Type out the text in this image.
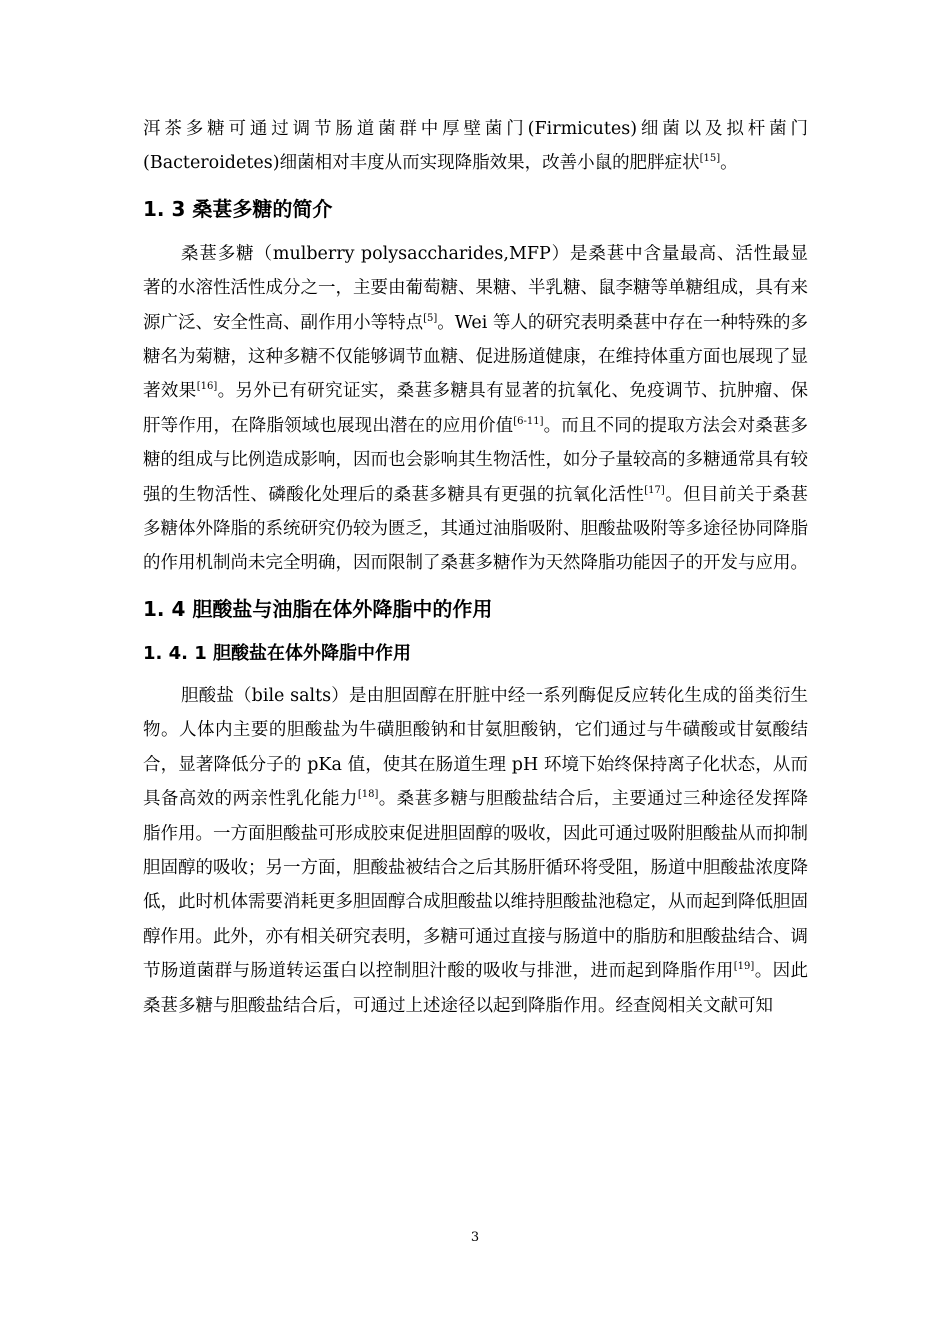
洱茶多糖可通过调节肠道菌群中厚壁菌门(Firmicutes)细菌以及拟杆菌门(Bacteroidetes)细菌相对丰度从而实现降脂效果，改善小鼠的肥胖症状[15]。

1. 3 桑葚多糖的简介

桑葚多糖（mulberry polysaccharides,MFP）是桑葚中含量最高、活性最显著的水溶性活性成分之一，主要由葡萄糖、果糖、半乳糖、鼠李糖等单糖组成，具有来源广泛、安全性高、副作用小等特点[5]。Wei 等人的研究表明桑葚中存在一种特殊的多糖名为菊糖，这种多糖不仅能够调节血糖、促进肠道健康，在维持体重方面也展现了显著效果[16]。另外已有研究证实，桑葚多糖具有显著的抗氧化、免疫调节、抗肿瘤、保肝等作用，在降脂领域也展现出潜在的应用价值[6-11]。而且不同的提取方法会对桑葚多糖的组成与比例造成影响，因而也会影响其生物活性，如分子量较高的多糖通常具有较强的生物活性、磷酸化处理后的桑葚多糖具有更强的抗氧化活性[17]。但目前关于桑葚多糖体外降脂的系统研究仍较为匮乏，其通过油脂吸附、胆酸盐吸附等多途径协同降脂的作用机制尚未完全明确，因而限制了桑葚多糖作为天然降脂功能因子的开发与应用。

1. 4 胆酸盐与油脂在体外降脂中的作用
1. 4. 1 胆酸盐在体外降脂中作用

胆酸盐（bile salts）是由胆固醇在肝脏中经一系列酶促反应转化生成的甾类衍生物。人体内主要的胆酸盐为牛磺胆酸钠和甘氨胆酸钠，它们通过与牛磺酸或甘氨酸结合，显著降低分子的 pKa 值，使其在肠道生理 pH 环境下始终保持离子化状态，从而具备高效的两亲性乳化能力[18]。桑葚多糖与胆酸盐结合后，主要通过三种途径发挥降脂作用。一方面胆酸盐可形成胶束促进胆固醇的吸收，因此可通过吸附胆酸盐从而抑制胆固醇的吸收；另一方面，胆酸盐被结合之后其肠肝循环将受阻，肠道中胆酸盐浓度降低，此时机体需要消耗更多胆固醇合成胆酸盐以维持胆酸盐池稳定，从而起到降低胆固醇作用。此外，亦有相关研究表明，多糖可通过直接与肠道中的脂肪和胆酸盐结合、调节肠道菌群与肠道转运蛋白以控制胆汁酸的吸收与排泄，进而起到降脂作用[19]。因此桑葚多糖与胆酸盐结合后，可通过上述途径以起到降脂作用。经查阅相关文献可知

3
